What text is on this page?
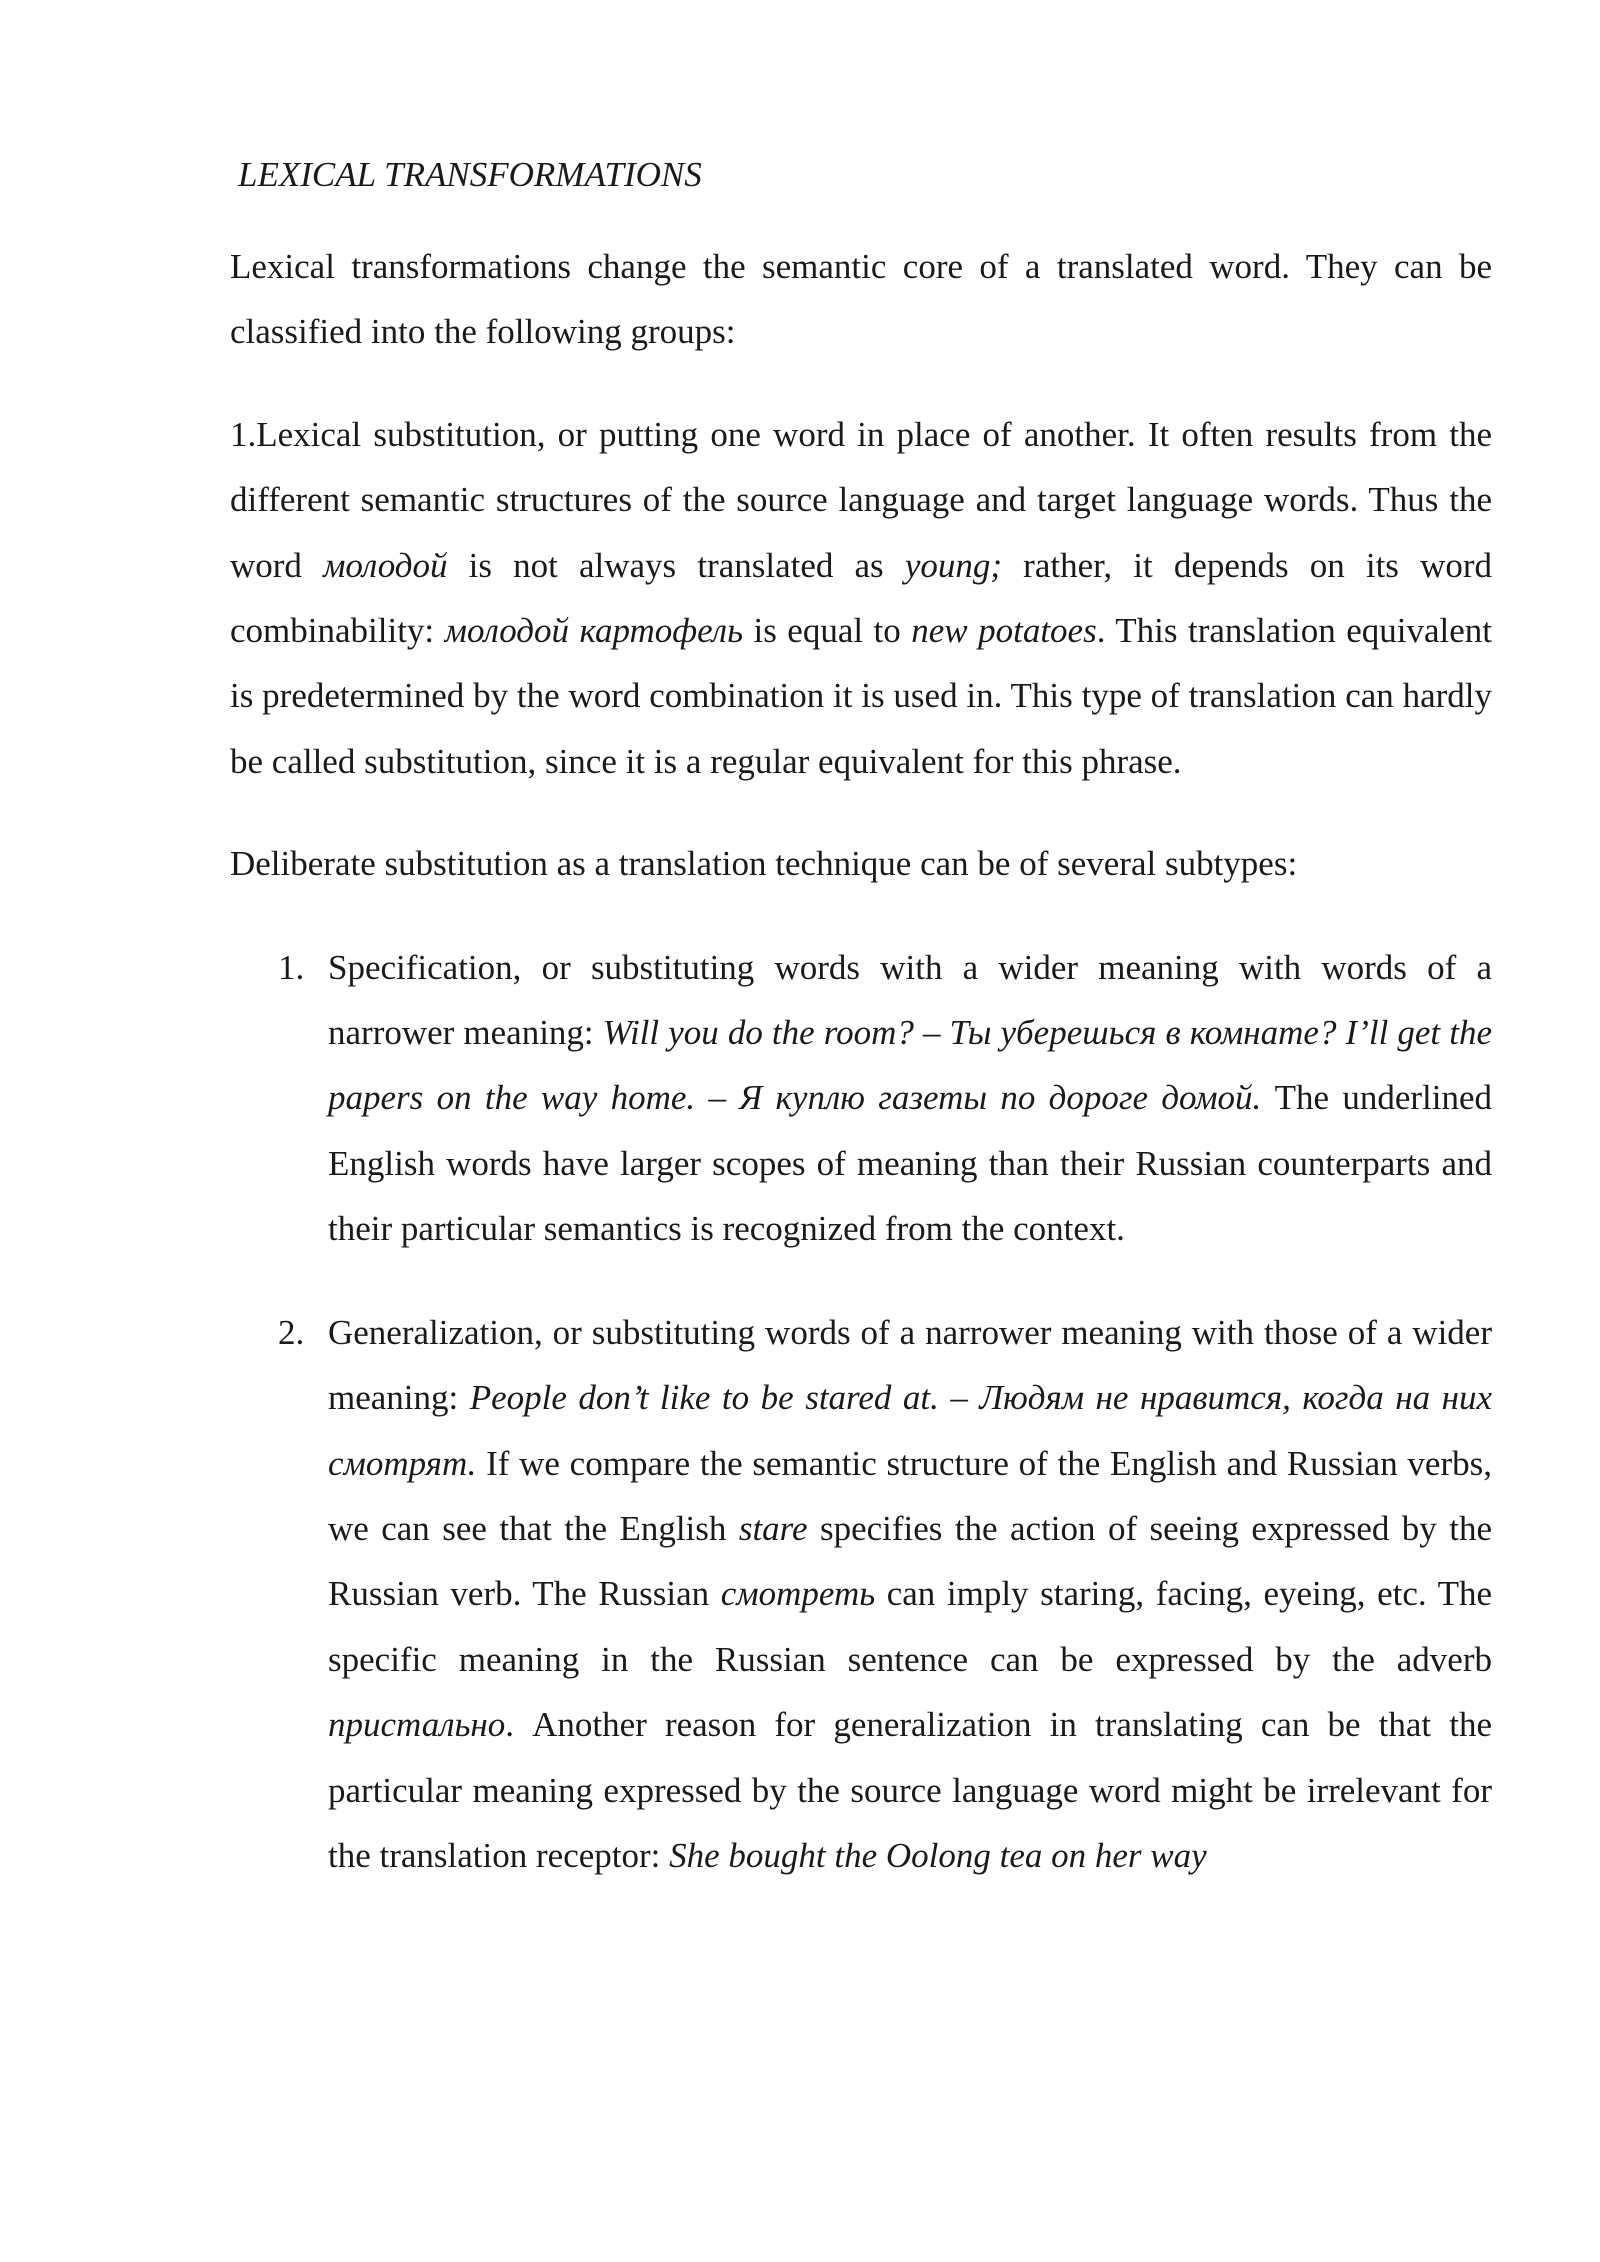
LEXICAL TRANSFORMATIONS

Lexical transformations change the semantic core of a translated word. They can be classified into the following groups:

1.Lexical substitution, or putting one word in place of another. It often results from the different semantic structures of the source language and target language words. Thus the word молодой is not always translated as young; rather, it depends on its word combinability: молодой картофель is equal to new potatoes. This translation equivalent is predetermined by the word combination it is used in. This type of translation can hardly be called substitution, since it is a regular equivalent for this phrase.

Deliberate substitution as a translation technique can be of several subtypes:

1. Specification, or substituting words with a wider meaning with words of a narrower meaning: Will you do the room? – Ты уберешься в комнате? I’ll get the papers on the way home. – Я куплю газеты по дороге домой. The underlined English words have larger scopes of meaning than their Russian counterparts and their particular semantics is recognized from the context.
2. Generalization, or substituting words of a narrower meaning with those of a wider meaning: People don’t like to be stared at. – Людям не нравится, когда на них смотрят. If we compare the semantic structure of the English and Russian verbs, we can see that the English stare specifies the action of seeing expressed by the Russian verb. The Russian смотреть can imply staring, facing, eyeing, etc. The specific meaning in the Russian sentence can be expressed by the adverb пристально. Another reason for generalization in translating can be that the particular meaning expressed by the source language word might be irrelevant for the translation receptor: She bought the Oolong tea on her way
